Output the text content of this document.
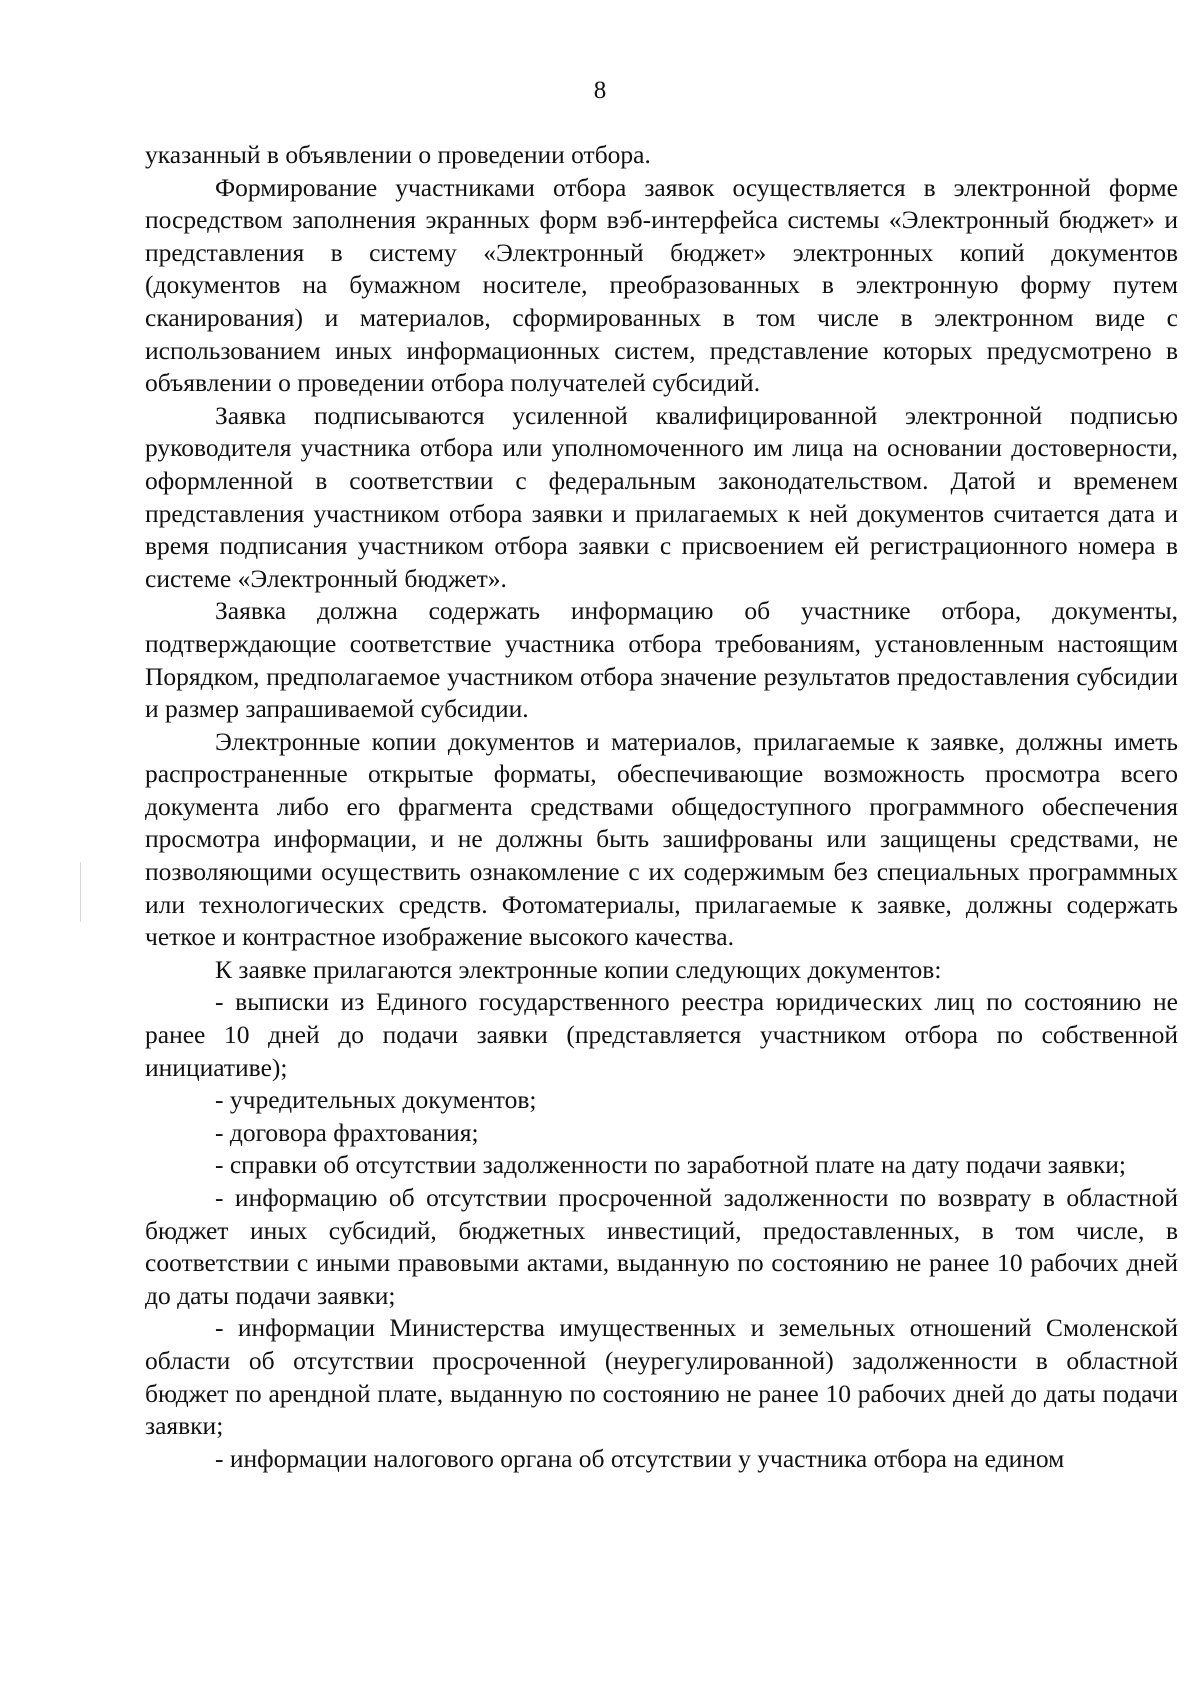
8

указанный в объявлении о проведении отбора.

Формирование участниками отбора заявок осуществляется в электронной форме посредством заполнения экранных форм вэб-интерфейса системы «Электронный бюджет» и представления в систему «Электронный бюджет» электронных копий документов (документов на бумажном носителе, преобразованных в электронную форму путем сканирования) и материалов, сформированных в том числе в электронном виде с использованием иных информационных систем, представление которых предусмотрено в объявлении о проведении отбора получателей субсидий.

Заявка подписываются усиленной квалифицированной электронной подписью руководителя участника отбора или уполномоченного им лица на основании достоверности, оформленной в соответствии с федеральным законодательством. Датой и временем представления участником отбора заявки и прилагаемых к ней документов считается дата и время подписания участником отбора заявки с присвоением ей регистрационного номера в системе «Электронный бюджет».

Заявка должна содержать информацию об участнике отбора, документы, подтверждающие соответствие участника отбора требованиям, установленным настоящим Порядком, предполагаемое участником отбора значение результатов предоставления субсидии и размер запрашиваемой субсидии.

Электронные копии документов и материалов, прилагаемые к заявке, должны иметь распространенные открытые форматы, обеспечивающие возможность просмотра всего документа либо его фрагмента средствами общедоступного программного обеспечения просмотра информации, и не должны быть зашифрованы или защищены средствами, не позволяющими осуществить ознакомление с их содержимым без специальных программных или технологических средств. Фотоматериалы, прилагаемые к заявке, должны содержать четкое и контрастное изображение высокого качества.

К заявке прилагаются электронные копии следующих документов:

- выписки из Единого государственного реестра юридических лиц по состоянию не ранее 10 дней до подачи заявки (представляется участником отбора по собственной инициативе);

- учредительных документов;

- договора фрахтования;

- справки об отсутствии задолженности по заработной плате на дату подачи заявки;

- информацию об отсутствии просроченной задолженности по возврату в областной бюджет иных субсидий, бюджетных инвестиций, предоставленных, в том числе, в соответствии с иными правовыми актами, выданную по состоянию не ранее 10 рабочих дней до даты подачи заявки;

- информации Министерства имущественных и земельных отношений Смоленской области об отсутствии просроченной (неурегулированной) задолженности в областной бюджет по арендной плате, выданную по состоянию не ранее 10 рабочих дней до даты подачи заявки;

- информации налогового органа об отсутствии у участника отбора на едином
